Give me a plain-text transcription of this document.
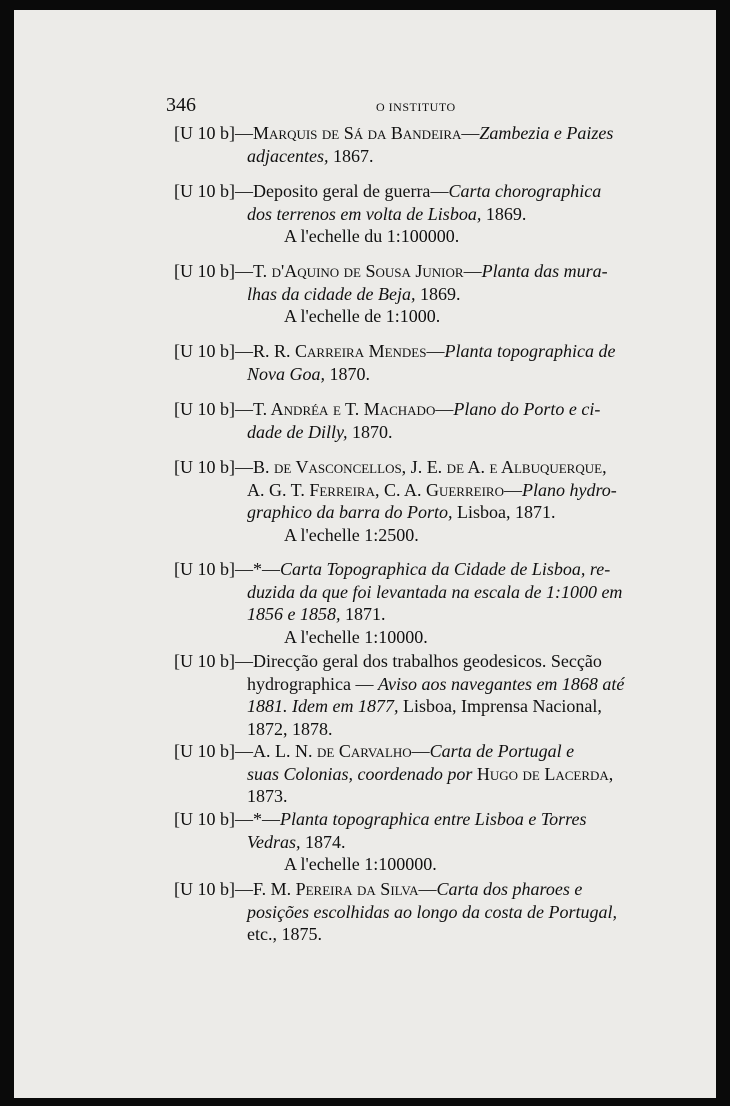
346	O INSTITUTO
[U 10 b]—Marquis de Sá da Bandeira—Zambezia e Paizes
adjacentes, 1867.
[U 10 b]—Deposito geral de guerra—Carta chorographica
dos terrenos em volta de Lisboa, 1869.
A l'echelle du 1:100000.
[U 10 b]—T. d'Aquino de Sousa Junior—Planta das mura-
lhas da cidade de Beja, 1869.
A l'echelle de 1:1000.
[U 10 b]—R. R. Carreira Mendes—Planta topographica de
Nova Goa, 1870.
[U 10 b]—T. Andréa e T. Machado—Plano do Porto e ci-
dade de Dilly, 1870.
[U 10 b]—B. de Vasconcellos, J. E. de A. e Albuquerque,
A. G. T. Ferreira, C. A. Guerreiro—Plano hydro-
graphico da barra do Porto, Lisboa, 1871.
A l'echelle 1:2500.
[U 10 b]—*—Carta Topographica da Cidade de Lisboa, re-
duzida da que foi levantada na escala de 1:1000 em
1856 e 1858, 1871.
A l'echelle 1:10000.
[U 10 b]—Direcção geral dos trabalhos geodesicos. Secção
hydrographica — Aviso aos navegantes em 1868 até
1881. Idem em 1877, Lisboa, Imprensa Nacional,
1872, 1878.
[U 10 b]—A. L. N. de Carvalho—Carta de Portugal e
suas Colonias, coordenado por Hugo de Lacerda,
1873.
[U 10 b]—*—Planta topographica entre Lisboa e Torres
Vedras, 1874.
A l'echelle 1:100000.
[U 10 b]—F. M. Pereira da Silva—Carta dos pharoes e
posições escolhidas ao longo da costa de Portugal,
etc., 1875.
